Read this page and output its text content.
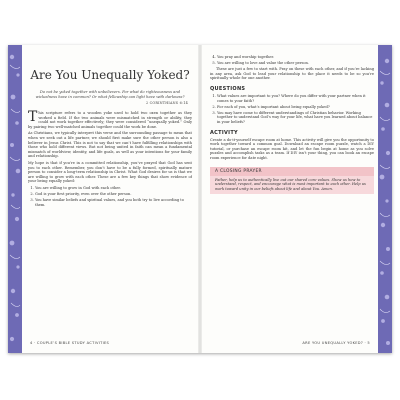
Are You Unequally Yoked?
Do not be yoked together with unbelievers. For what do righteousness and wickedness have in common? Or what fellowship can light have with darkness?
2 CORINTHIANS 6:14

This scripture refers to a wooden yoke used to hold two oxen together as they worked a field. If the two animals were mismatched in strength or ability, they could not work together effectively; they were considered “unequally yoked.” Only by pairing two well-matched animals together could the work be done.

As Christians, we typically interpret this verse and the surrounding passage to mean that when we seek out a life partner, we should first make sure the other person is also a believer in Jesus Christ. This is not to say that we can’t have fulfilling relationships with those who hold different views. But not being united in faith can mean a fundamental mismatch of worldview, identity, and life goals, as well as your intentions for your family and relationship.

My hope is that if you’re in a committed relationship, you’ve prayed that God has sent you to each other. Remember, you don’t have to be a fully formed, spiritually mature person to consider a long-term relationship in Christ. What God desires for us is that we are willing to grow with each other. These are a few key things that show evidence of your being equally yoked:

1. You are willing to grow in God with each other.
2. God is your first priority, even over the other person.
3. You have similar beliefs and spiritual values, and you both try to live according to them.
4. You pray and worship together.
5. You are willing to love and value the other person.

These are just a few to start with. Pray on these with each other, and if you’re lacking in any area, ask God to lead your relationship to the place it needs to be so you’re spiritually whole for one another.

QUESTIONS
1. What values are important to you? Where do you differ with your partner when it comes to your faith?
2. For each of you, what’s important about being equally yoked?
3. You may have come to different understandings of Christian behavior. Working together to understand God’s way for your life, what have you learned about balance in your beliefs?
ACTIVITY

Create a do-it-yourself escape room at home. This activity will give you the opportunity to work together toward a common goal. Download an escape room puzzle, watch a DIY tutorial, or purchase an escape room kit, and let the fun begin at home as you solve puzzles and accomplish tasks as a team. If DIY isn’t your thing, you can book an escape room experience for date night.

A CLOSING PRAYER

Father, help us to authentically live out our shared core values. Show us how to understand, respect, and encourage what is most important to each other. Help us work toward unity in our beliefs about life and about You. Amen.

4 · COUPLE’S BIBLE STUDY ACTIVITIES	ARE YOU UNEQUALLY YOKED? · 5
